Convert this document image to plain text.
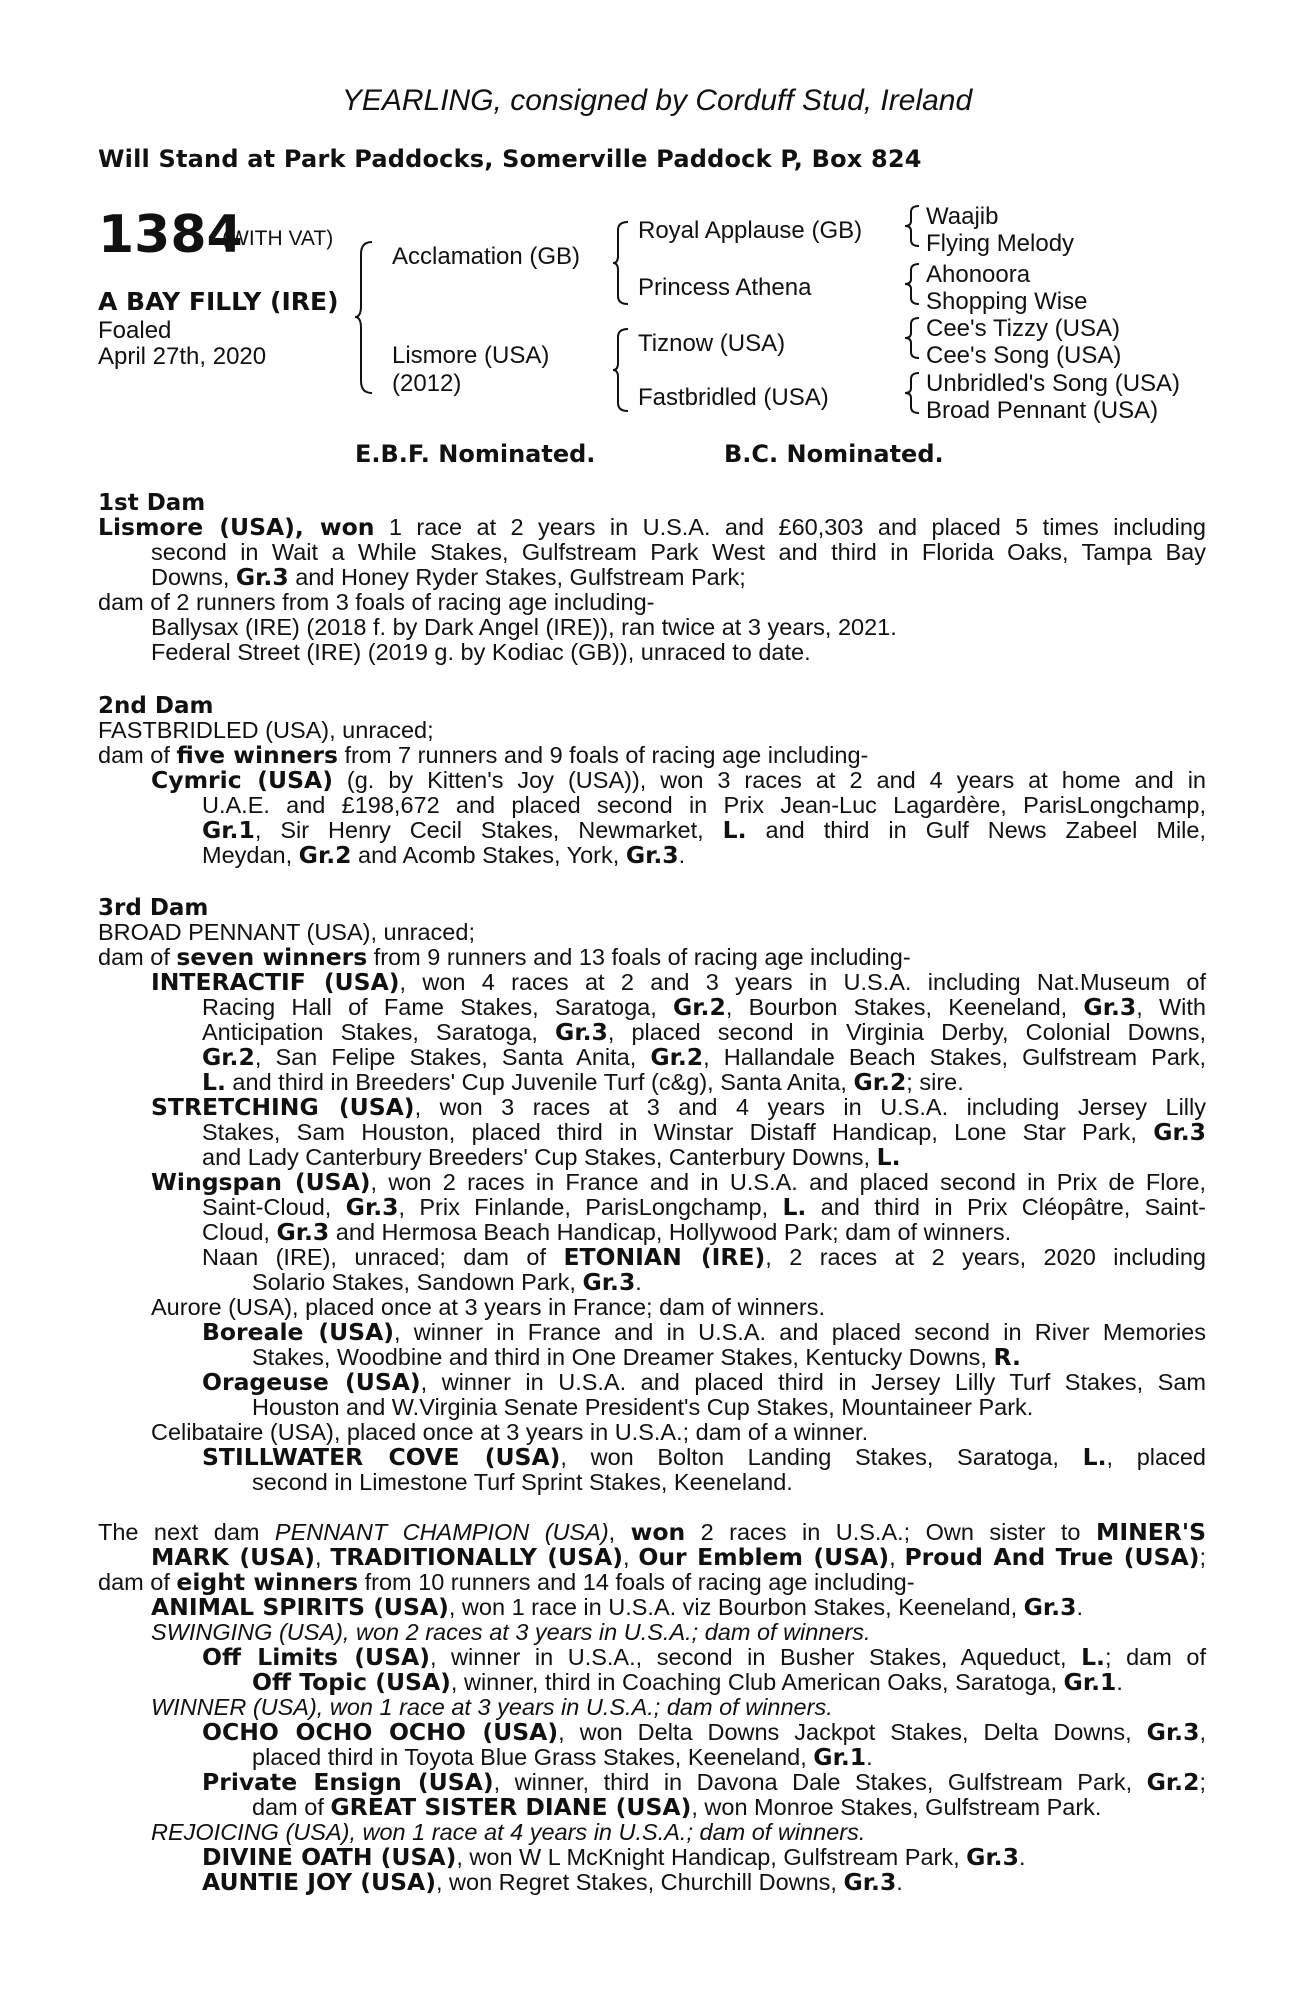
YEARLING, consigned by Corduff Stud, Ireland
Will Stand at Park Paddocks, Somerville Paddock P, Box 824
1384
(WITH VAT)
A BAY FILLY (IRE)
Foaled
April 27th, 2020
Acclamation (GB)
Lismore (USA)
(2012)
Royal Applause (GB)
Princess Athena
Tiznow (USA)
Fastbridled (USA)
Waajib
Flying Melody
Ahonoora
Shopping Wise
Cee's Tizzy (USA)
Cee's Song (USA)
Unbridled's Song (USA)
Broad Pennant (USA)
E.B.F. Nominated.	B.C. Nominated.
1st Dam
Lismore (USA), won 1 race at 2 years in U.S.A. and £60,303 and placed 5 times including
second in Wait a While Stakes, Gulfstream Park West and third in Florida Oaks, Tampa Bay
Downs, Gr.3 and Honey Ryder Stakes, Gulfstream Park;
dam of 2 runners from 3 foals of racing age including-
Ballysax (IRE) (2018 f. by Dark Angel (IRE)), ran twice at 3 years, 2021.
Federal Street (IRE) (2019 g. by Kodiac (GB)), unraced to date.
2nd Dam
FASTBRIDLED (USA), unraced;
dam of five winners from 7 runners and 9 foals of racing age including-
Cymric (USA) (g. by Kitten's Joy (USA)), won 3 races at 2 and 4 years at home and in
U.A.E. and £198,672 and placed second in Prix Jean-Luc Lagardère, ParisLongchamp,
Gr.1, Sir Henry Cecil Stakes, Newmarket, L. and third in Gulf News Zabeel Mile,
Meydan, Gr.2 and Acomb Stakes, York, Gr.3.
3rd Dam
BROAD PENNANT (USA), unraced;
dam of seven winners from 9 runners and 13 foals of racing age including-
INTERACTIF (USA), won 4 races at 2 and 3 years in U.S.A. including Nat.Museum of
Racing Hall of Fame Stakes, Saratoga, Gr.2, Bourbon Stakes, Keeneland, Gr.3, With
Anticipation Stakes, Saratoga, Gr.3, placed second in Virginia Derby, Colonial Downs,
Gr.2, San Felipe Stakes, Santa Anita, Gr.2, Hallandale Beach Stakes, Gulfstream Park,
L. and third in Breeders' Cup Juvenile Turf (c&g), Santa Anita, Gr.2; sire.
STRETCHING (USA), won 3 races at 3 and 4 years in U.S.A. including Jersey Lilly
Stakes, Sam Houston, placed third in Winstar Distaff Handicap, Lone Star Park, Gr.3
and Lady Canterbury Breeders' Cup Stakes, Canterbury Downs, L.
Wingspan (USA), won 2 races in France and in U.S.A. and placed second in Prix de Flore,
Saint-Cloud, Gr.3, Prix Finlande, ParisLongchamp, L. and third in Prix Cléopâtre, Saint-
Cloud, Gr.3 and Hermosa Beach Handicap, Hollywood Park; dam of winners.
Naan (IRE), unraced; dam of ETONIAN (IRE), 2 races at 2 years, 2020 including
Solario Stakes, Sandown Park, Gr.3.
Aurore (USA), placed once at 3 years in France; dam of winners.
Boreale (USA), winner in France and in U.S.A. and placed second in River Memories
Stakes, Woodbine and third in One Dreamer Stakes, Kentucky Downs, R.
Orageuse (USA), winner in U.S.A. and placed third in Jersey Lilly Turf Stakes, Sam
Houston and W.Virginia Senate President's Cup Stakes, Mountaineer Park.
Celibataire (USA), placed once at 3 years in U.S.A.; dam of a winner.
STILLWATER COVE (USA), won Bolton Landing Stakes, Saratoga, L., placed
second in Limestone Turf Sprint Stakes, Keeneland.
The next dam PENNANT CHAMPION (USA), won 2 races in U.S.A.; Own sister to MINER'S
MARK (USA), TRADITIONALLY (USA), Our Emblem (USA), Proud And True (USA);
dam of eight winners from 10 runners and 14 foals of racing age including-
ANIMAL SPIRITS (USA), won 1 race in U.S.A. viz Bourbon Stakes, Keeneland, Gr.3.
SWINGING (USA), won 2 races at 3 years in U.S.A.; dam of winners.
Off Limits (USA), winner in U.S.A., second in Busher Stakes, Aqueduct, L.; dam of
Off Topic (USA), winner, third in Coaching Club American Oaks, Saratoga, Gr.1.
WINNER (USA), won 1 race at 3 years in U.S.A.; dam of winners.
OCHO OCHO OCHO (USA), won Delta Downs Jackpot Stakes, Delta Downs, Gr.3,
placed third in Toyota Blue Grass Stakes, Keeneland, Gr.1.
Private Ensign (USA), winner, third in Davona Dale Stakes, Gulfstream Park, Gr.2;
dam of GREAT SISTER DIANE (USA), won Monroe Stakes, Gulfstream Park.
REJOICING (USA), won 1 race at 4 years in U.S.A.; dam of winners.
DIVINE OATH (USA), won W L McKnight Handicap, Gulfstream Park, Gr.3.
AUNTIE JOY (USA), won Regret Stakes, Churchill Downs, Gr.3.
